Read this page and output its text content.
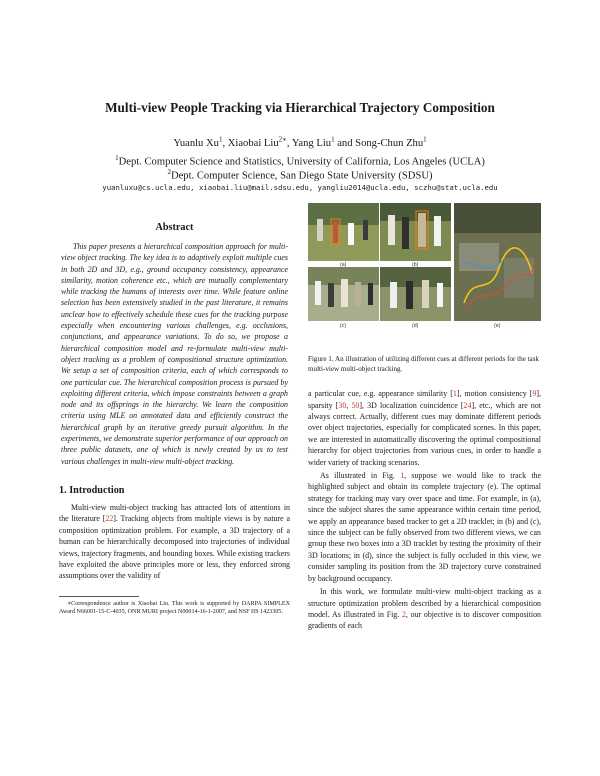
Multi-view People Tracking via Hierarchical Trajectory Composition
Yuanlu Xu$^1$, Xiaobai Liu$^{2∗}$, Yang Liu$^1$ and Song-Chun Zhu$^1$
$^1$Dept. Computer Science and Statistics, University of California, Los Angeles (UCLA)
$^2$Dept. Computer Science, San Diego State University (SDSU)
yuanluxu@cs.ucla.edu, xiaobai.liu@mail.sdsu.edu, yangliu2014@ucla.edu, sczhu@stat.ucla.edu
Abstract

This paper presents a hierarchical composition approach for multi-view object tracking. The key idea is to adaptively exploit multiple cues in both 2D and 3D, e.g., ground occupancy consistency, appearance similarity, motion coherence etc., which are mutually complementary while tracking the humans of interests over time. While feature online selection has been extensively studied in the past literature, it remains unclear how to effectively schedule these cues for the tracking purpose especially when encountering various challenges, e.g. occlusions, conjunctions, and appearance variations. To do so, we propose a hierarchical composition model and re-formulate multi-view multi-object tracking as a problem of compositional structure optimization. We setup a set of composition criteria, each of which corresponds to one particular cue. The hierarchical composition process is pursued by exploiting different criteria, which impose constraints between a graph node and its offsprings in the hierarchy. We learn the composition criteria using MLE on annotated data and efficiently construct the hierarchical graph by an iterative greedy pursuit algorithm. In the experiments, we demonstrate superior performance of our approach on three public datasets, one of which is newly created by us to test various challenges in multi-view multi-object tracking.

1. Introduction

Multi-view multi-object tracking has attracted lots of attentions in the literature [22]. Tracking objects from multiple views is by nature a composition optimization problem. For example, a 3D trajectory of a human can be hierarchically decomposed into trajectories of individual views, trajectory fragments, and bounding boxes. While existing trackers have exploited the above principles more or less, they enforced strong assumptions over the validity of

∗Correspondence author is Xiaobai Liu. This work is supported by DARPA SIMPLEX Award N66001-15-C-4035, ONR MURI project N00014-16-1-2007, and NSF IIS 1423305.
(a)	(b)
(c)	(d)	(e)
Figure 1. An illustration of utilizing different cues at different periods for the task multi-view multi-object tracking.

a particular cue, e.g. appearance similarity [1], motion consistency [9], sparsity [30, 50], 3D localization coincidence [24], etc., which are not always correct. Actually, different cues may dominate different periods over object trajectories, especially for complicated scenes. In this paper, we are interested in automatically discovering the optimal compositional hierarchy for object trajectories from various cues, in order to handle a wider variety of tracking scenarios.

As illustrated in Fig. 1, suppose we would like to track the highlighted subject and obtain its complete trajectory (e). The optimal strategy for tracking may vary over space and time. For example, in (a), since the subject shares the same appearance within certain time period, we apply an appearance based tracker to get a 2D tracklet; in (b) and (c), since the subject can be fully observed from two different views, we can group these two boxes into a 3D tracklet by testing the proximity of their 3D locations; in (d), since the subject is fully occluded in this view, we consider sampling its position from the 3D trajectory curve constrained by background occupancy.

In this work, we formulate multi-view multi-object tracking as a structure optimization problem described by a hierarchical composition model. As illustrated in Fig. 2, our objective is to discover composition gradients of each
